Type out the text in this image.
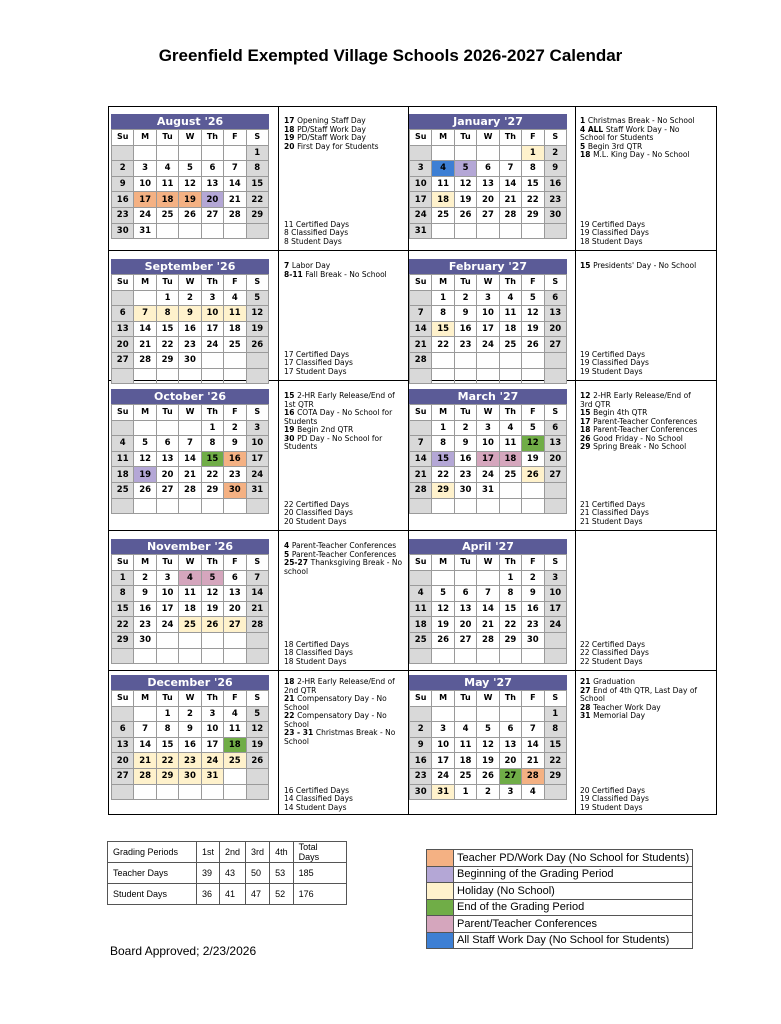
Greenfield Exempted Village Schools 2026-2027 Calendar
August '26
Su	M	Tu	W	Th	F	S
						1
2	3	4	5	6	7	8
9	10	11	12	13	14	15
16	17	18	19	20	21	22
23	24	25	26	27	28	29
30	31					
17 Opening Staff Day
18 PD/Staff Work Day
19 PD/Staff Work Day
20 First Day for Students
11 Certified Days
8 Classified Days
8 Student Days
January '27
Su	M	Tu	W	Th	F	S
					1	2
3	4	5	6	7	8	9
10	11	12	13	14	15	16
17	18	19	20	21	22	23
24	25	26	27	28	29	30
31						
1 Christmas Break - No School
4 ALL Staff Work Day - No School for Students
5 Begin 3rd QTR
18 M.L. King Day - No School
19 Certified Days
19 Classified Days
18 Student Days
September '26
Su	M	Tu	W	Th	F	S
		1	2	3	4	5
6	7	8	9	10	11	12
13	14	15	16	17	18	19
20	21	22	23	24	25	26
27	28	29	30			

7 Labor Day
8-11 Fall Break - No School
17 Certified Days
17 Classified Days
17 Student Days
February '27
Su	M	Tu	W	Th	F	S
	1	2	3	4	5	6
7	8	9	10	11	12	13
14	15	16	17	18	19	20
21	22	23	24	25	26	27
28						

15 Presidents' Day - No School
19 Certified Days
19 Classified Days
19 Student Days
October '26
Su	M	Tu	W	Th	F	S
				1	2	3
4	5	6	7	8	9	10
11	12	13	14	15	16	17
18	19	20	21	22	23	24
25	26	27	28	29	30	31

15 2-HR Early Release/End of 1st QTR
16 COTA Day - No School for Students
19 Begin 2nd QTR
30 PD Day - No School for Students
22 Certified Days
20 Classified Days
20 Student Days
March '27
Su	M	Tu	W	Th	F	S
	1	2	3	4	5	6
7	8	9	10	11	12	13
14	15	16	17	18	19	20
21	22	23	24	25	26	27
28	29	30	31			

12 2-HR Early Release/End of 3rd QTR
15 Begin 4th QTR
17 Parent-Teacher Conferences
18 Parent-Teacher Conferences
26 Good Friday - No School
29 Spring Break - No School
21 Certified Days
21 Classified Days
21 Student Days
November '26
Su	M	Tu	W	Th	F	S
1	2	3	4	5	6	7
8	9	10	11	12	13	14
15	16	17	18	19	20	21
22	23	24	25	26	27	28
29	30					

4 Parent-Teacher Conferences
5 Parent-Teacher Conferences
25-27 Thanksgiving Break - No school
18 Certified Days
18 Classified Days
18 Student Days
April '27
Su	M	Tu	W	Th	F	S
				1	2	3
4	5	6	7	8	9	10
11	12	13	14	15	16	17
18	19	20	21	22	23	24
25	26	27	28	29	30	
							22 Certified Days
22 Classified Days
22 Student Days
December '26
Su	M	Tu	W	Th	F	S
		1	2	3	4	5
6	7	8	9	10	11	12
13	14	15	16	17	18	19
20	21	22	23	24	25	26
27	28	29	30	31		

18 2-HR Early Release/End of 2nd QTR
21 Compensatory Day - No School
22 Compensatory Day - No School
23 - 31 Christmas Break - No School
16 Certified Days
14 Classified Days
14 Student Days
May '27
Su	M	Tu	W	Th	F	S
						1
2	3	4	5	6	7	8
9	10	11	12	13	14	15
16	17	18	19	20	21	22
23	24	25	26	27	28	29
30	31	1	2	3	4	
21 Graduation
27 End of 4th QTR, Last Day of School
28 Teacher Work Day
31 Memorial Day
20 Certified Days
19 Classified Days
19 Student Days
Grading Periods	1st	2nd	3rd	4th	Total Days
Teacher Days	39	43	50	53	185
Student Days	36	41	47	52	176
	Teacher PD/Work Day (No School for Students)
	Beginning of the Grading Period
	Holiday (No School)
	End of the Grading Period
	Parent/Teacher Conferences
	All Staff Work Day (No School for Students)
Board Approved; 2/23/2026
